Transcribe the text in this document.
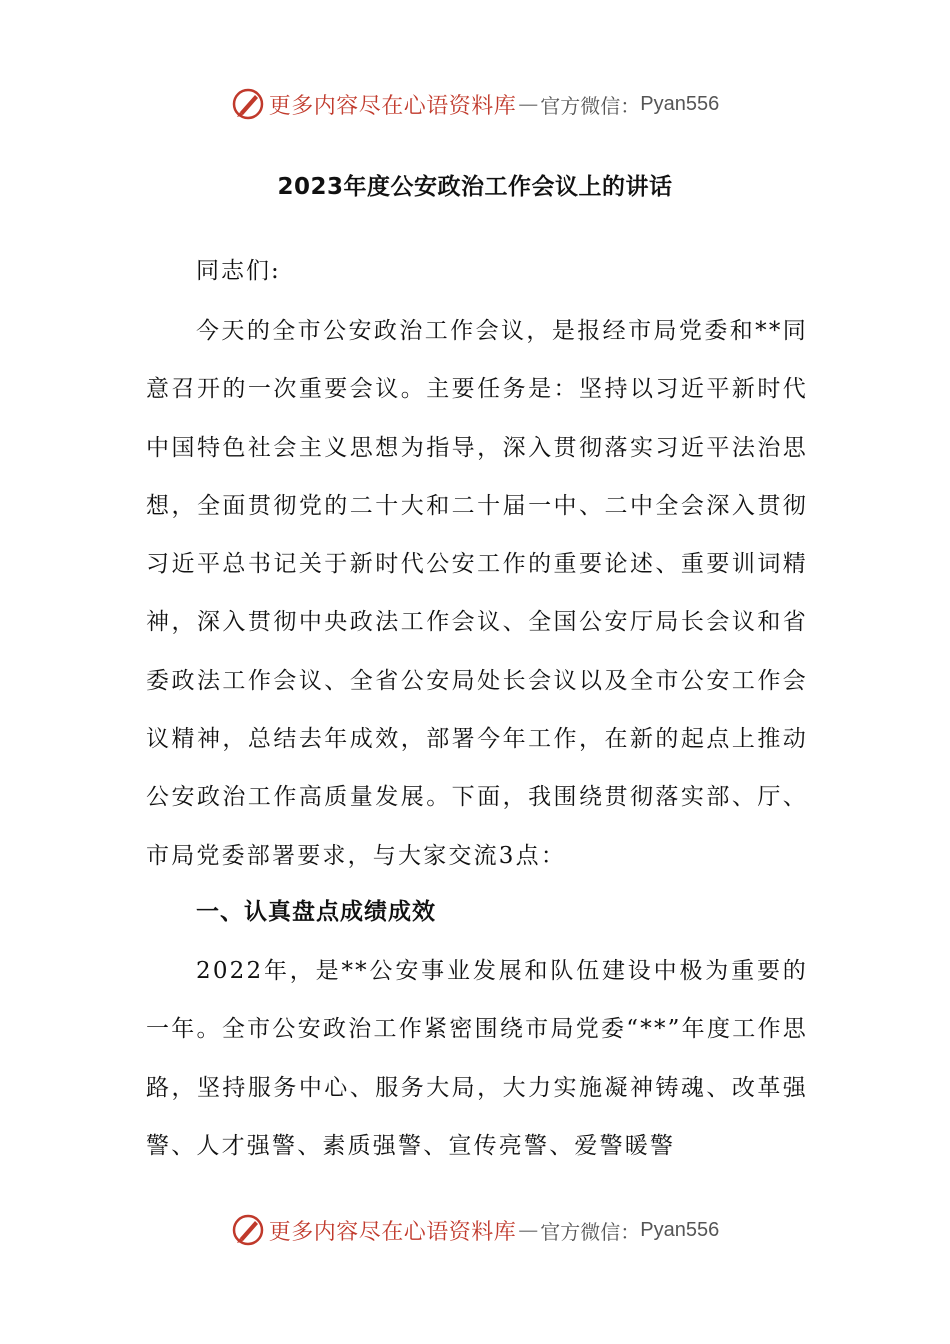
更多内容尽在心语资料库 — 官方微信： Pyan556
2023年度公安政治工作会议上的讲话
同志们:

今天的全市公安政治工作会议，是报经市局党委和**同意召开的一次重要会议。主要任务是：坚持以习近平新时代中国特色社会主义思想为指导，深入贯彻落实习近平法治思想，全面贯彻党的二十大和二十届一中、二中全会深入贯彻习近平总书记关于新时代公安工作的重要论述、重要训词精神，深入贯彻中央政法工作会议、全国公安厅局长会议和省委政法工作会议、全省公安局处长会议以及全市公安工作会议精神，总结去年成效，部署今年工作，在新的起点上推动公安政治工作高质量发展。下面，我围绕贯彻落实部、厅、市局党委部署要求，与大家交流3点：

一、认真盘点成绩成效

2022年，是**公安事业发展和队伍建设中极为重要的一年。全市公安政治工作紧密围绕市局党委“**”年度工作思路，坚持服务中心、服务大局，大力实施凝神铸魂、改革强警、人才强警、素质强警、宣传亮警、爱警暖警

更多内容尽在心语资料库 — 官方微信： Pyan556
